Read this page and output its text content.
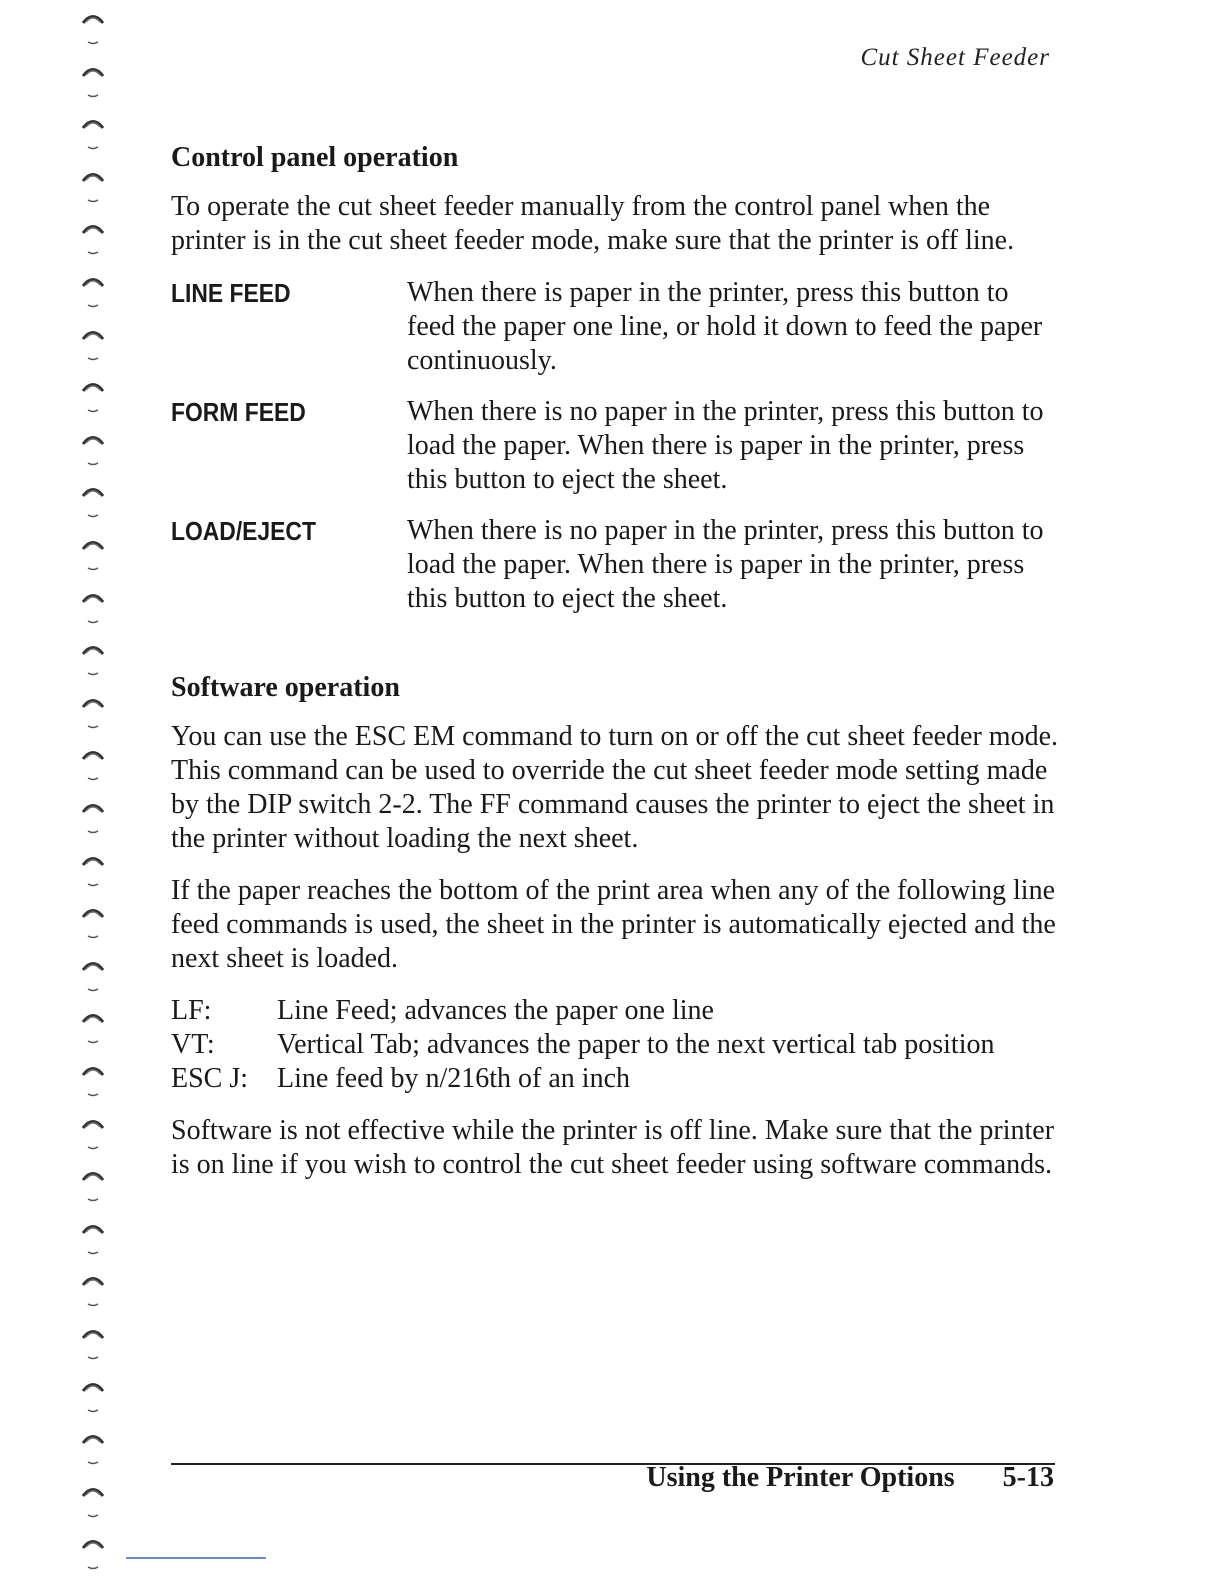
Cut Sheet Feeder
Control panel operation

To operate the cut sheet feeder manually from the control panel when the printer is in the cut sheet feeder mode, make sure that the printer is off line.

LINE FEED	When there is paper in the printer, press this button to feed the paper one line, or hold it down to feed the paper continuously.
FORM FEED	When there is no paper in the printer, press this button to load the paper. When there is paper in the printer, press this button to eject the sheet.
LOAD/EJECT	When there is no paper in the printer, press this button to load the paper. When there is paper in the printer, press this button to eject the sheet.
Software operation

You can use the ESC EM command to turn on or off the cut sheet feeder mode. This command can be used to override the cut sheet feeder mode setting made by the DIP switch 2-2. The FF command causes the printer to eject the sheet in the printer without loading the next sheet.

If the paper reaches the bottom of the print area when any of the following line feed commands is used, the sheet in the printer is automatically ejected and the next sheet is loaded.

LF:	Line Feed; advances the paper one line
VT:	Vertical Tab; advances the paper to the next vertical tab position
ESC J:	Line feed by n/216th of an inch

Software is not effective while the printer is off line. Make sure that the printer is on line if you wish to control the cut sheet feeder using software commands.

Using the Printer Options 5-13
